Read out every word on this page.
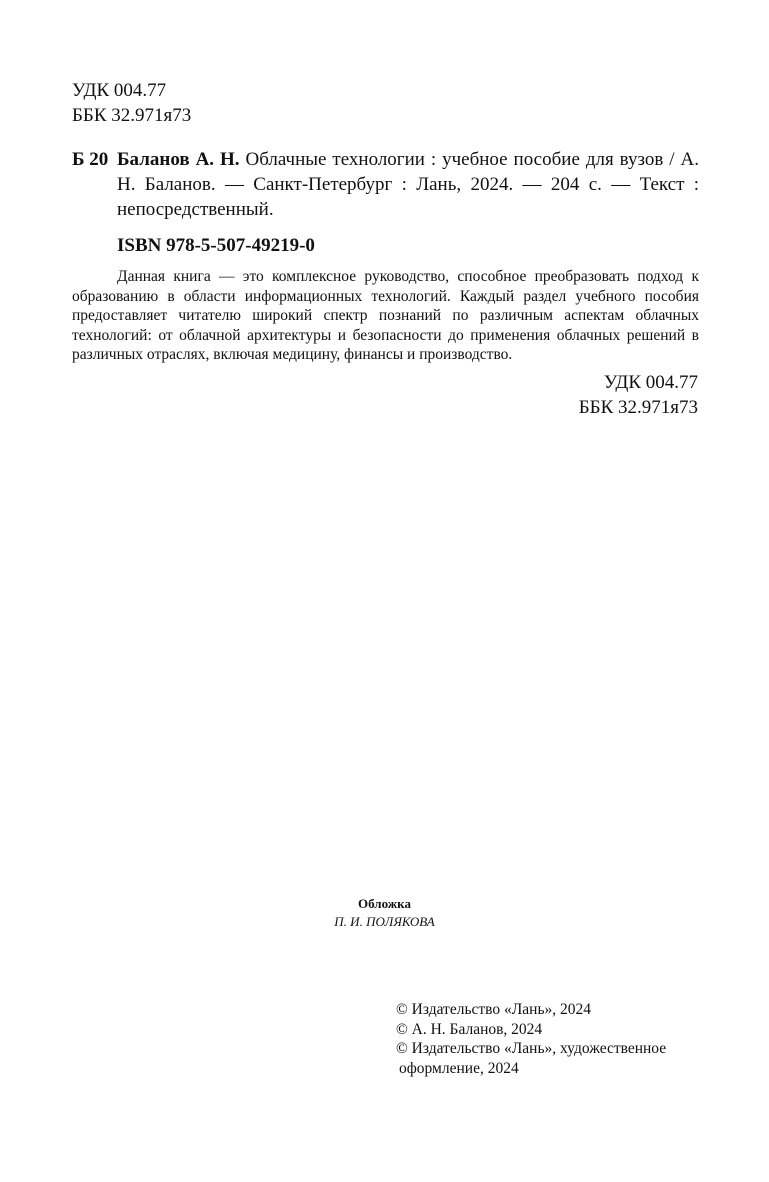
УДК 004.77
ББК 32.971я73
Б 20 Баланов А. Н. Облачные технологии : учебное пособие для вузов / А. Н. Баланов. — Санкт-Петербург : Лань, 2024. — 204 с. — Текст : непосредственный.
ISBN 978-5-507-49219-0
Данная книга — это комплексное руководство, способное преобразовать подход к образованию в области информационных технологий. Каждый раздел учебного пособия предоставляет читателю широкий спектр познаний по различным аспектам облачных технологий: от облачной архитектуры и безопасности до применения облачных решений в различных отраслях, включая медицину, финансы и производство.
УДК 004.77
ББК 32.971я73
Обложка
П. И. ПОЛЯКОВА
© Издательство «Лань», 2024
© А. Н. Баланов, 2024
© Издательство «Лань», художественное
оформление, 2024
